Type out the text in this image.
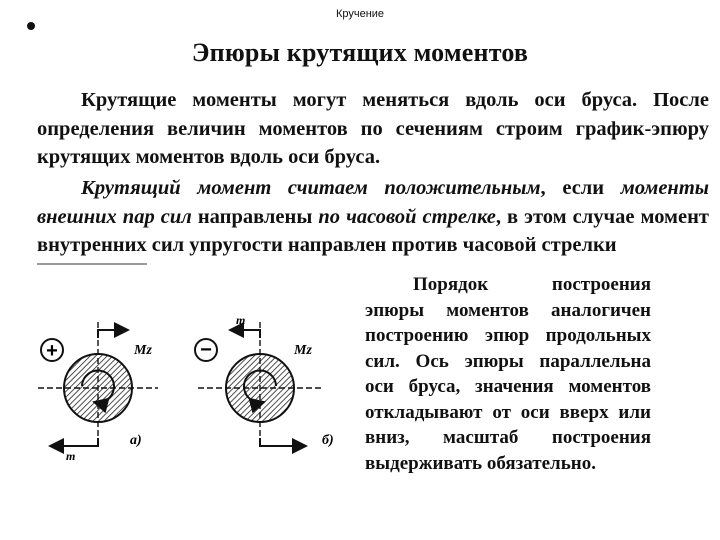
Кручение
Эпюры крутящих моментов

Крутящие моменты могут меняться вдоль оси бруса. После определения величин моментов по сечениям строим график-эпюру крутящих моментов вдоль оси бруса.

Крутящий момент считаем положительным, если моменты внешних пар сил направлены по часовой стрелке, в этом случае момент внутренних сил упругости направлен против часовой стрелки

Порядок построения эпюры моментов аналогичен построению эпюр продольных сил. Ось эпюры параллельна оси бруса, значения моментов откладывают от оси вверх или вниз, масштаб построения выдерживать обязательно.

+	Mz
m
а)
−	Mz
m
б)
